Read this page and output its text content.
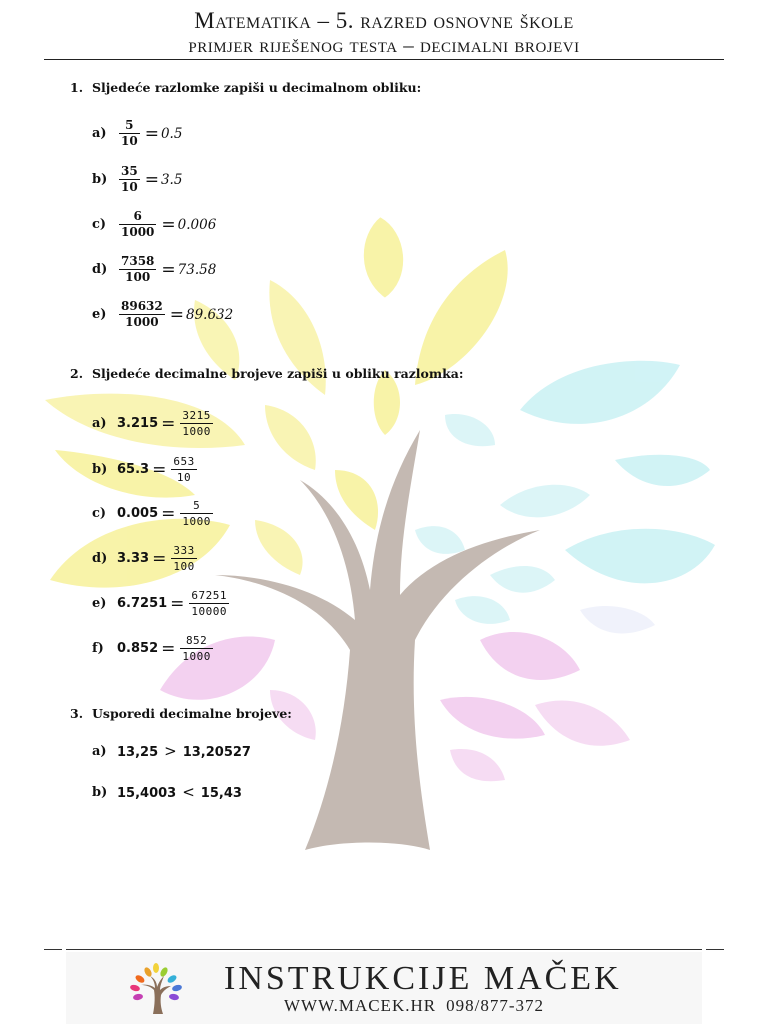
Matematika – 5. razred osnovne škole
primjer riješenog testa – decimalni brojevi
1. Sljedeće razlomke zapiši u decimalnom obliku:
a)	$\frac{5}{10} = 0.5$
$b) \frac{35}{10} = 3.5$
c)	$\frac{6}{1000} = 0.006$
$d) \frac{7358}{100} = 73.58$
e)	$\frac{89632}{1000} = 89.632$
2. Sljedeće decimalne brojeve zapiši u obliku razlomka:
a) 3.215 = 3215
1000
b) 65.3 = 653
10
c) 0.005 = 5
1000
d) 3.33 = 333
100
e) 6.7251 = 67251
10000
f)	0.852 = 852
1000
3. Usporedi decimalne brojeve:
a) 13,25 > 13,20527
b) 15,4003 < 15,43
INSTRUKCIJE MAČEK
WWW.MACEK.HR 098/877-372
